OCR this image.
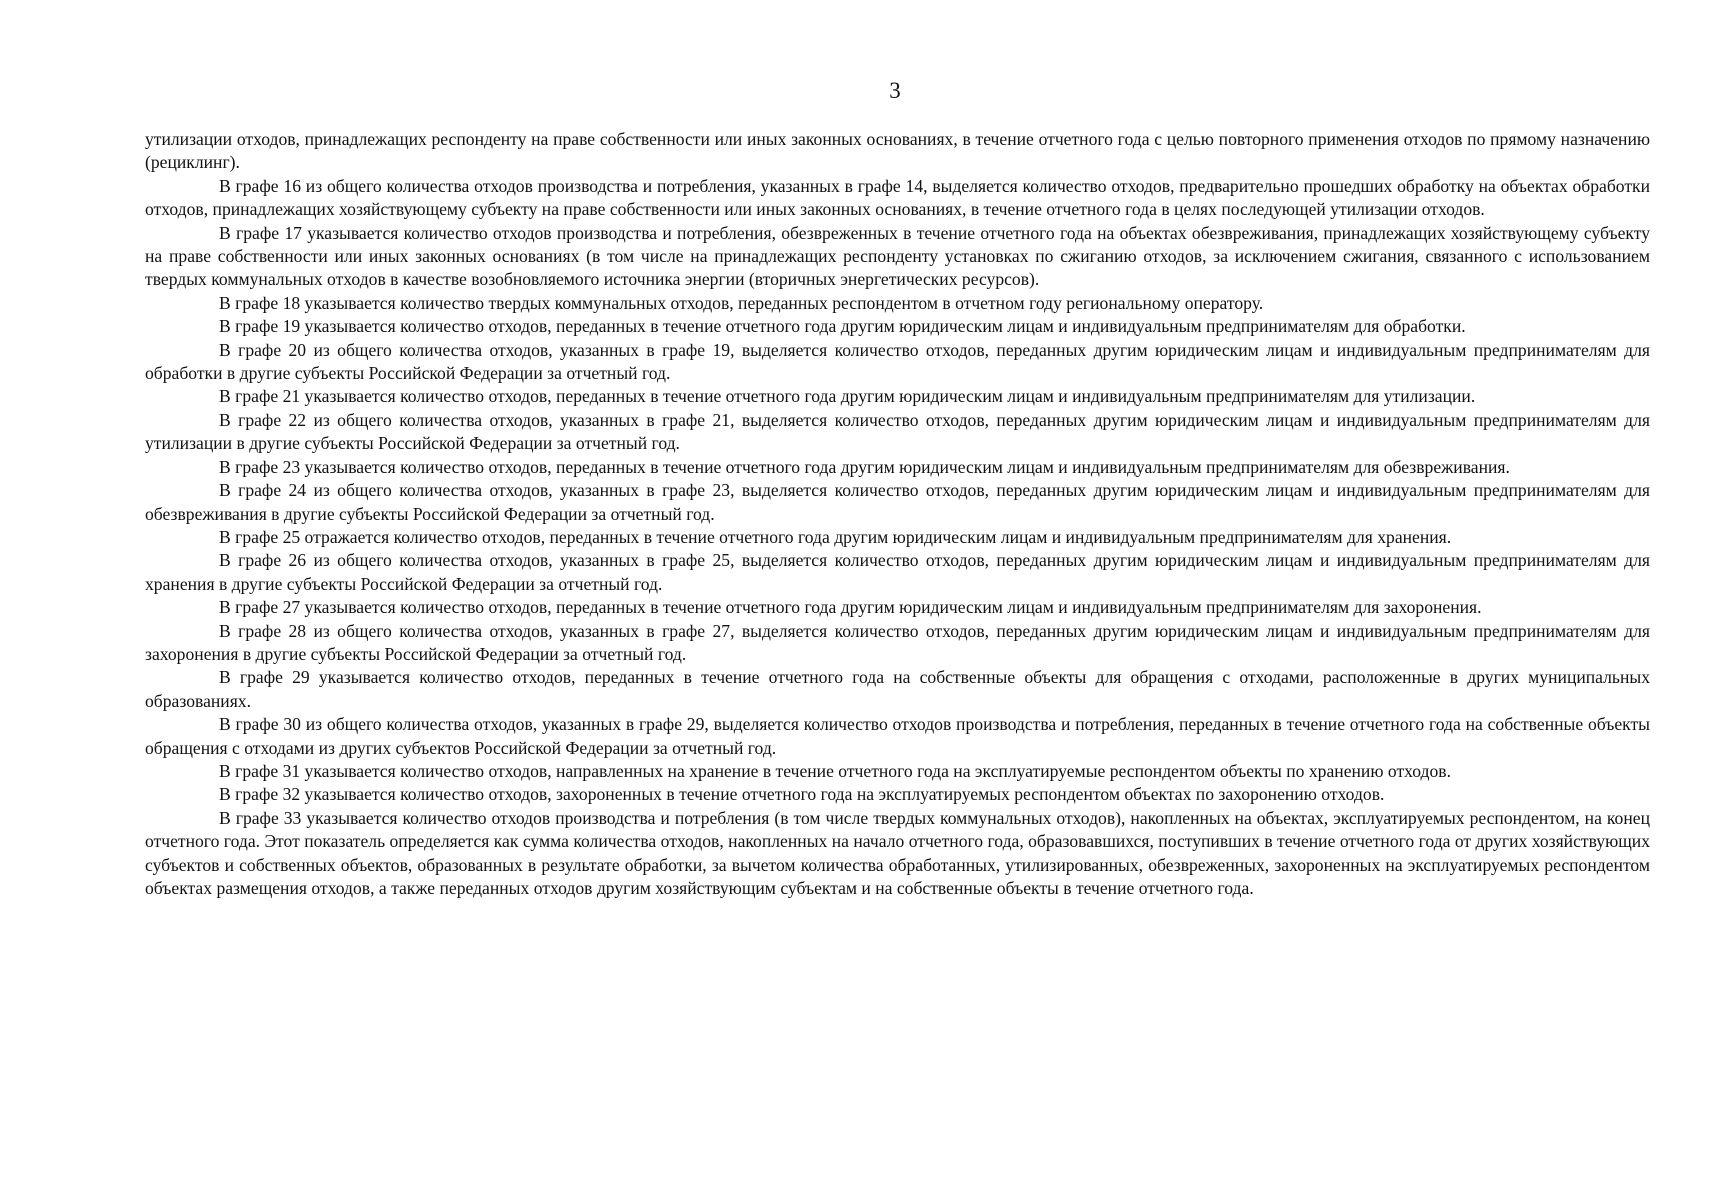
3

утилизации отходов, принадлежащих респонденту на праве собственности или иных законных основаниях, в течение отчетного года с целью повторного применения отходов по прямому назначению (рециклинг).

В графе 16 из общего количества отходов производства и потребления, указанных в графе 14, выделяется количество отходов, предварительно прошедших обработку на объектах обработки отходов, принадлежащих хозяйствующему субъекту на праве собственности или иных законных основаниях, в течение отчетного года в целях последующей утилизации отходов.

В графе 17 указывается количество отходов производства и потребления, обезвреженных в течение отчетного года на объектах обезвреживания, принадлежащих хозяйствующему субъекту на праве собственности или иных законных основаниях (в том числе на принадлежащих респонденту установках по сжиганию отходов, за исключением сжигания, связанного с использованием твердых коммунальных отходов в качестве возобновляемого источника энергии (вторичных энергетических ресурсов).

В графе 18 указывается количество твердых коммунальных отходов, переданных респондентом в отчетном году региональному оператору.

В графе 19 указывается количество отходов, переданных в течение отчетного года другим юридическим лицам и индивидуальным предпринимателям для обработки.

В графе 20 из общего количества отходов, указанных в графе 19, выделяется количество отходов, переданных другим юридическим лицам и индивидуальным предпринимателям для обработки в другие субъекты Российской Федерации за отчетный год.

В графе 21 указывается количество отходов, переданных в течение отчетного года другим юридическим лицам и индивидуальным предпринимателям для утилизации.

В графе 22 из общего количества отходов, указанных в графе 21, выделяется количество отходов, переданных другим юридическим лицам и индивидуальным предпринимателям для утилизации в другие субъекты Российской Федерации за отчетный год.

В графе 23 указывается количество отходов, переданных в течение отчетного года другим юридическим лицам и индивидуальным предпринимателям для обезвреживания.

В графе 24 из общего количества отходов, указанных в графе 23, выделяется количество отходов, переданных другим юридическим лицам и индивидуальным предпринимателям для обезвреживания в другие субъекты Российской Федерации за отчетный год.

В графе 25 отражается количество отходов, переданных в течение отчетного года другим юридическим лицам и индивидуальным предпринимателям для хранения.

В графе 26 из общего количества отходов, указанных в графе 25, выделяется количество отходов, переданных другим юридическим лицам и индивидуальным предпринимателям для хранения в другие субъекты Российской Федерации за отчетный год.

В графе 27 указывается количество отходов, переданных в течение отчетного года другим юридическим лицам и индивидуальным предпринимателям для захоронения.

В графе 28 из общего количества отходов, указанных в графе 27, выделяется количество отходов, переданных другим юридическим лицам и индивидуальным предпринимателям для захоронения в другие субъекты Российской Федерации за отчетный год.

В графе 29 указывается количество отходов, переданных в течение отчетного года на собственные объекты для обращения с отходами, расположенные в других муниципальных образованиях.

В графе 30 из общего количества отходов, указанных в графе 29, выделяется количество отходов производства и потребления, переданных в течение отчетного года на собственные объекты обращения с отходами из других субъектов Российской Федерации за отчетный год.

В графе 31 указывается количество отходов, направленных на хранение в течение отчетного года на эксплуатируемые респондентом объекты по хранению отходов.

В графе 32 указывается количество отходов, захороненных в течение отчетного года на эксплуатируемых респондентом объектах по захоронению отходов.

В графе 33 указывается количество отходов производства и потребления (в том числе твердых коммунальных отходов), накопленных на объектах, эксплуатируемых респондентом, на конец отчетного года. Этот показатель определяется как сумма количества отходов, накопленных на начало отчетного года, образовавшихся, поступивших в течение отчетного года от других хозяйствующих субъектов и собственных объектов, образованных в результате обработки, за вычетом количества обработанных, утилизированных, обезвреженных, захороненных на эксплуатируемых респондентом объектах размещения отходов, а также переданных отходов другим хозяйствующим субъектам и на собственные объекты в течение отчетного года.
